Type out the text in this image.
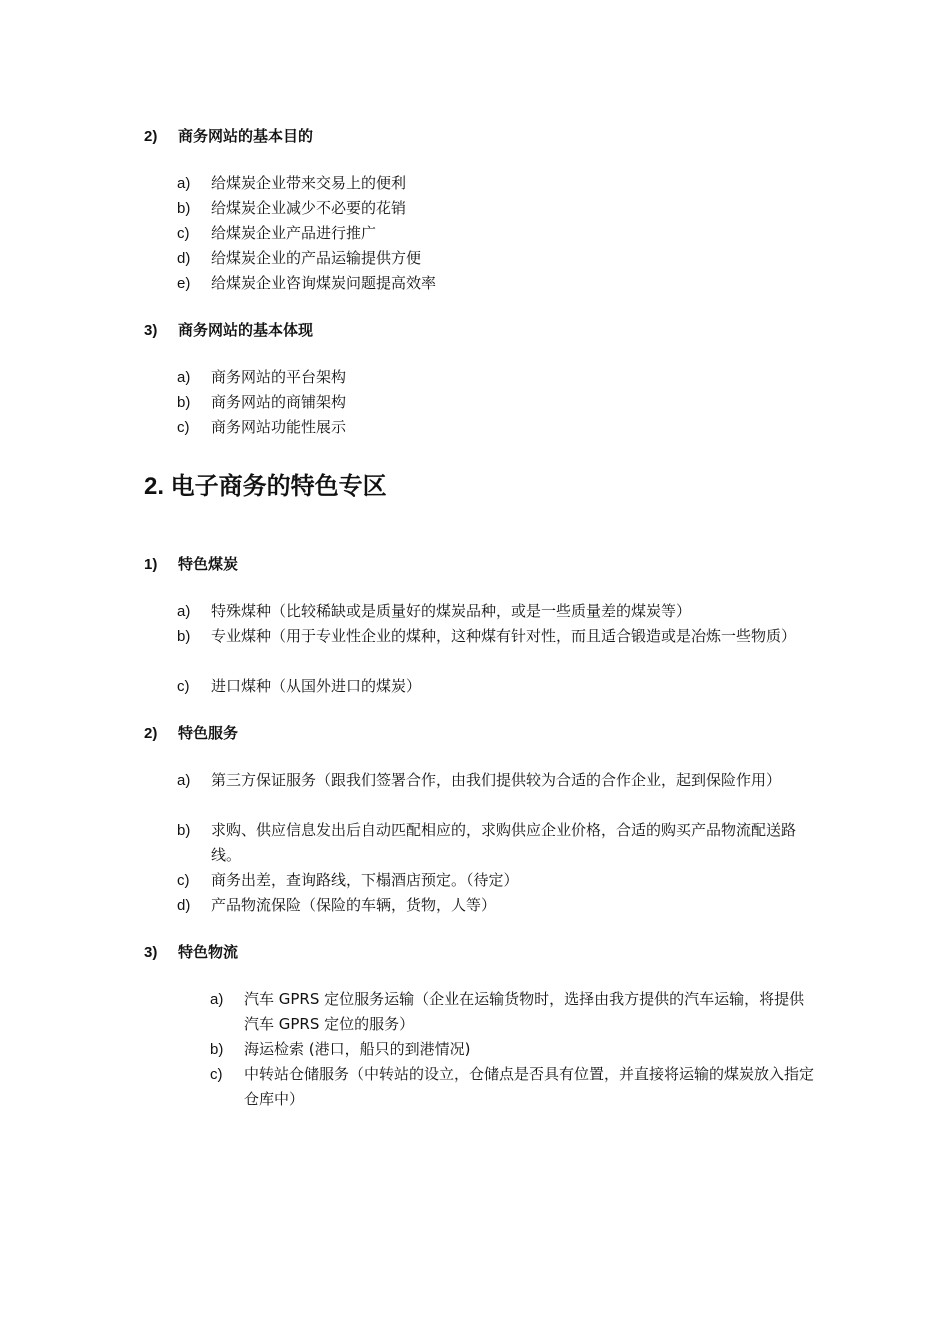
2) 商务网站的基本目的
a)	给煤炭企业带来交易上的便利
b)	给煤炭企业减少不必要的花销
c)	给煤炭企业产品进行推广
d)	给煤炭企业的产品运输提供方便
e)	给煤炭企业咨询煤炭问题提高效率
3) 商务网站的基本体现
a)	商务网站的平台架构
b)	商务网站的商铺架构
c)	商务网站功能性展示
2. 电子商务的特色专区
1) 特色煤炭
a)	特殊煤种（比较稀缺或是质量好的煤炭品种，或是一些质量差的煤炭等）
b)	专业煤种（用于专业性企业的煤种，这种煤有针对性，而且适合锻造或是冶炼一些物质）
c)	进口煤种（从国外进口的煤炭）
2) 特色服务
a)	第三方保证服务（跟我们签署合作，由我们提供较为合适的合作企业，起到保险作用）
b)	求购、供应信息发出后自动匹配相应的，求购供应企业价格，合适的购买产品物流配送路线。
c)	商务出差，查询路线，下榻酒店预定。（待定）
d)	产品物流保险（保险的车辆，货物，人等）
3) 特色物流
a)	汽车 GPRS 定位服务运输（企业在运输货物时，选择由我方提供的汽车运输，将提供汽车 GPRS 定位的服务）
b)	海运检索 (港口，船只的到港情况)
c)	中转站仓储服务（中转站的设立，仓储点是否具有位置，并直接将运输的煤炭放入指定仓库中）
